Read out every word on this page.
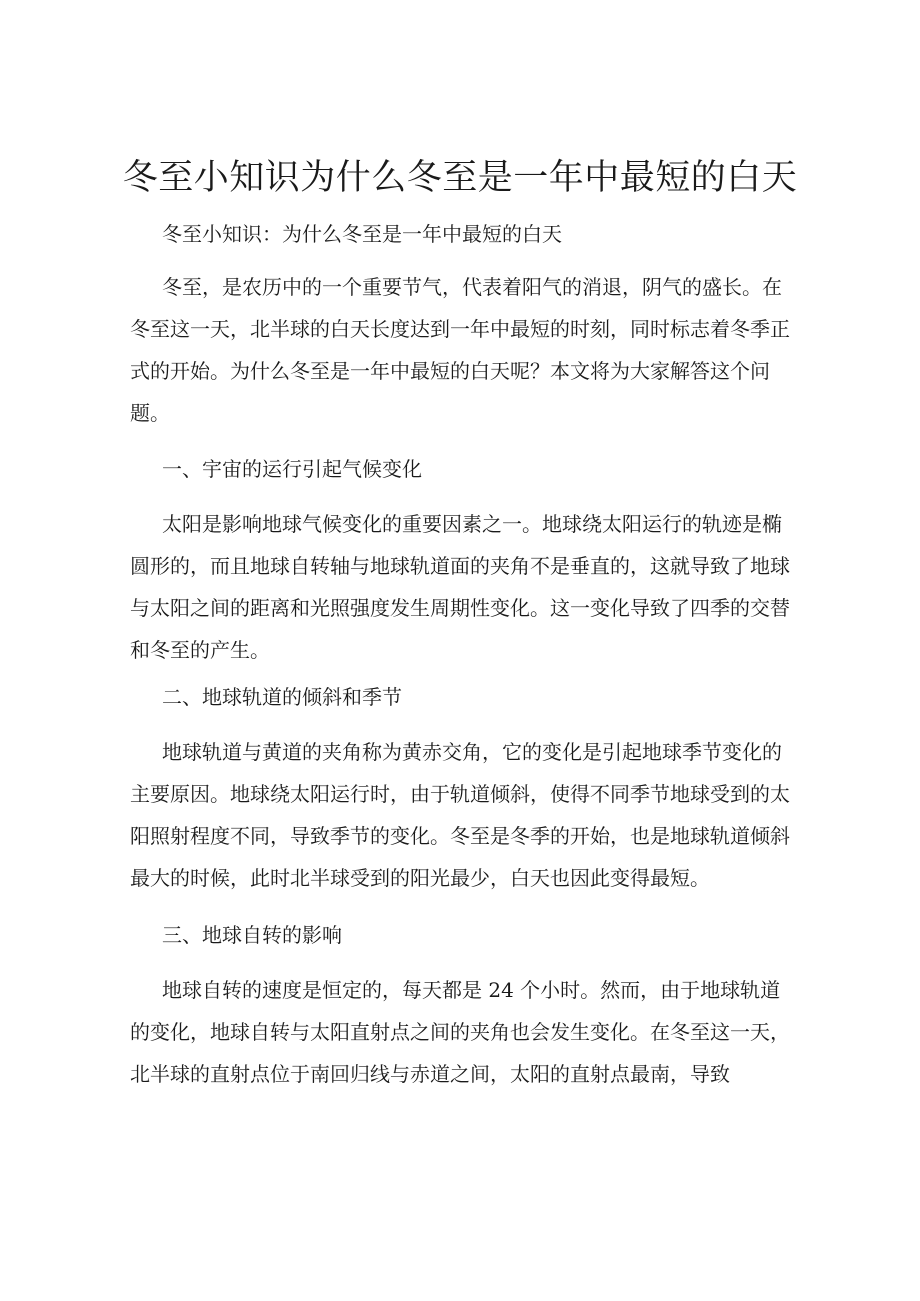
冬至小知识为什么冬至是一年中最短的白天
冬至小知识：为什么冬至是一年中最短的白天

冬至，是农历中的一个重要节气，代表着阳气的消退，阴气的盛长。在冬至这一天，北半球的白天长度达到一年中最短的时刻，同时标志着冬季正式的开始。为什么冬至是一年中最短的白天呢？本文将为大家解答这个问题。

一、宇宙的运行引起气候变化

太阳是影响地球气候变化的重要因素之一。地球绕太阳运行的轨迹是椭圆形的，而且地球自转轴与地球轨道面的夹角不是垂直的，这就导致了地球与太阳之间的距离和光照强度发生周期性变化。这一变化导致了四季的交替和冬至的产生。

二、地球轨道的倾斜和季节

地球轨道与黄道的夹角称为黄赤交角，它的变化是引起地球季节变化的主要原因。地球绕太阳运行时，由于轨道倾斜，使得不同季节地球受到的太阳照射程度不同，导致季节的变化。冬至是冬季的开始，也是地球轨道倾斜最大的时候，此时北半球受到的阳光最少，白天也因此变得最短。

三、地球自转的影响

地球自转的速度是恒定的，每天都是 24 个小时。然而，由于地球轨道的变化，地球自转与太阳直射点之间的夹角也会发生变化。在冬至这一天，北半球的直射点位于南回归线与赤道之间，太阳的直射点最南，导致
